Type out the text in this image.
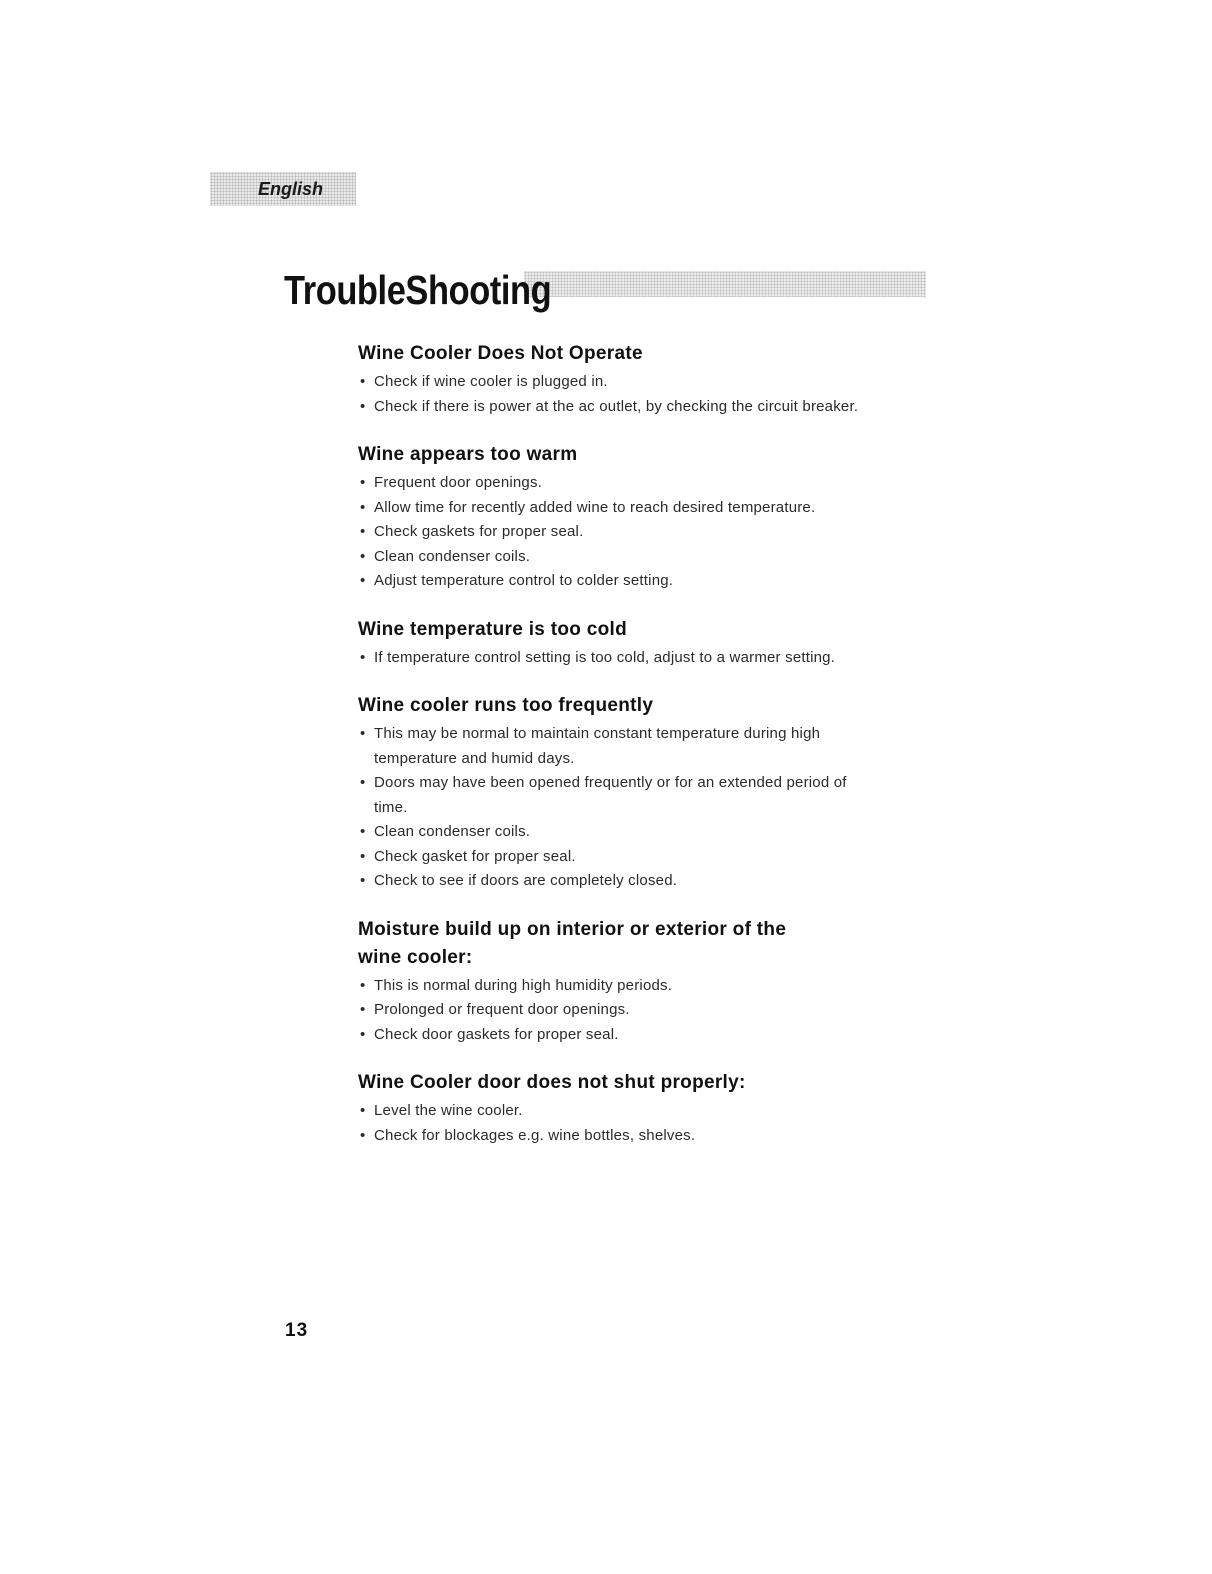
English
TroubleShooting
Wine Cooler Does Not Operate
• Check if wine cooler is plugged in.
• Check if there is power at the ac outlet, by checking the circuit breaker.
Wine appears too warm
• Frequent door openings.
• Allow time for recently added wine to reach desired temperature.
• Check gaskets for proper seal.
• Clean condenser coils.
• Adjust temperature control to colder setting.
Wine temperature is too cold
• If temperature control setting is too cold, adjust to a warmer setting.
Wine cooler runs too frequently
• This may be normal to maintain constant temperature during high temperature and humid days.
• Doors may have been opened frequently or for an extended period of time.
• Clean condenser coils.
• Check gasket for proper seal.
• Check to see if doors are completely closed.
Moisture build up on interior or exterior of the wine cooler:
• This is normal during high humidity periods.
• Prolonged or frequent door openings.
• Check door gaskets for proper seal.
Wine Cooler door does not shut properly:
• Level the wine cooler.
• Check for blockages e.g. wine bottles, shelves.
13
